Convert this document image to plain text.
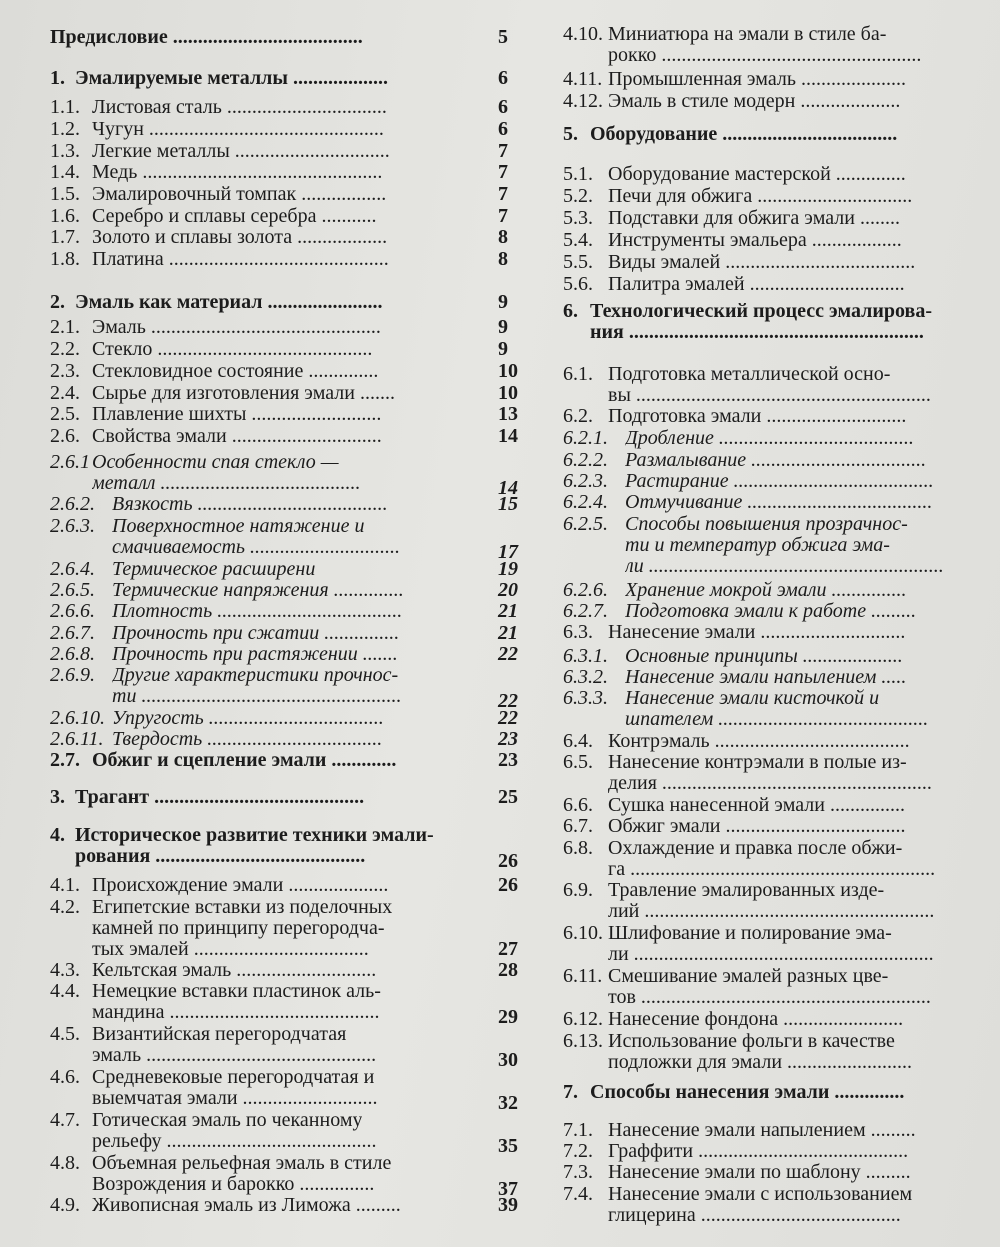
Предисловие ......................................	5
1. Эмалируемые металлы ...................	6
1.1. Листовая сталь ................................	6
1.2. Чугун ...............................................	6
1.3. Легкие металлы ...............................	7
1.4. Медь ................................................	7
1.5. Эмалировочный томпак .................	7
1.6. Серебро и сплавы серебра ...........	7
1.7. Золото и сплавы золота ..................	8
1.8. Платина ............................................	8
2. Эмаль как материал .......................	9
2.1. Эмаль ..............................................	9
2.2. Стекло ...........................................	9
2.3. Стекловидное состояние ..............	10
2.4. Сырье для изготовления эмали .......	10
2.5. Плавление шихты ..........................	13
2.6. Свойства эмали ..............................	14
2.6.1 Особенности спая стекло —
металл ........................................	14
2.6.2. Вязкость ......................................	15
2.6.3. Поверхностное натяжение и
смачиваемость ..............................	17
2.6.4. Термическое расширени	19
2.6.5. Термические напряжения ..............	20
2.6.6. Плотность .....................................	21
2.6.7. Прочность при сжатии ...............	21
2.6.8. Прочность при растяжении .......	22
2.6.9. Другие характеристики прочнос-
ти ....................................................	22
2.6.10. Упругость ...................................	22
2.6.11. Твердость ...................................	23
2.7. Обжиг и сцепление эмали .............	23
3. Трагант ..........................................	25
4. Историческое развитие техники эмали-
рования ..........................................	26
4.1. Происхождение эмали ....................	26
4.2. Египетские вставки из поделочных
камней по принципу перегородча-
тых эмалей ...................................	27
4.3. Кельтская эмаль ............................	28
4.4. Немецкие вставки пластинок аль-
мандина ..........................................	29
4.5. Византийская перегородчатая
эмаль ..............................................	30
4.6. Средневековые перегородчатая и
выемчатая эмали ...........................	32
4.7. Готическая эмаль по чеканному
рельефу ..........................................	35
4.8. Объемная рельефная эмаль в стиле
Возрождения и барокко ...............	37
4.9. Живописная эмаль из Лиможа .........	39
4.10. Миниатюра на эмали в стиле ба-
рокко ....................................................
4.11. Промышленная эмаль .....................
4.12. Эмаль в стиле модерн ....................
5. Оборудование ...................................
5.1. Оборудование мастерской ..............
5.2. Печи для обжига ...............................
5.3. Подставки для обжига эмали ........
5.4. Инструменты эмальера ..................
5.5. Виды эмалей ......................................
5.6. Палитра эмалей ...............................
6. Технологический процесс эмалирова-
ния ...........................................................
6.1. Подготовка металлической осно-
вы ...........................................................
6.2. Подготовка эмали ............................
6.2.1. Дробление .......................................
6.2.2. Размалывание ...................................
6.2.3. Растирание ........................................
6.2.4. Отмучивание .....................................
6.2.5. Способы повышения прозрачнос-
ти и температур обжига эма-
ли ...........................................................
6.2.6. Хранение мокрой эмали ...............
6.2.7. Подготовка эмали к работе .........
6.3. Нанесение эмали .............................
6.3.1. Основные принципы ....................
6.3.2. Нанесение эмали напылением .....
6.3.3. Нанесение эмали кисточкой и
шпателем ..........................................
6.4. Контрэмаль .......................................
6.5. Нанесение контрэмали в полые из-
делия ......................................................
6.6. Сушка нанесенной эмали ...............
6.7. Обжиг эмали ....................................
6.8. Охлаждение и правка после обжи-
га .............................................................
6.9. Травление эмалированных изде-
лий ..........................................................
6.10. Шлифование и полирование эма-
ли ............................................................
6.11. Смешивание эмалей разных цве-
тов ..........................................................
6.12. Нанесение фондона ........................
6.13. Использование фольги в качестве
подложки для эмали .........................
7. Способы нанесения эмали ..............
7.1. Нанесение эмали напылением .........
7.2. Граффити ..........................................
7.3. Нанесение эмали по шаблону .........
7.4. Нанесение эмали с использованием
глицерина ........................................
